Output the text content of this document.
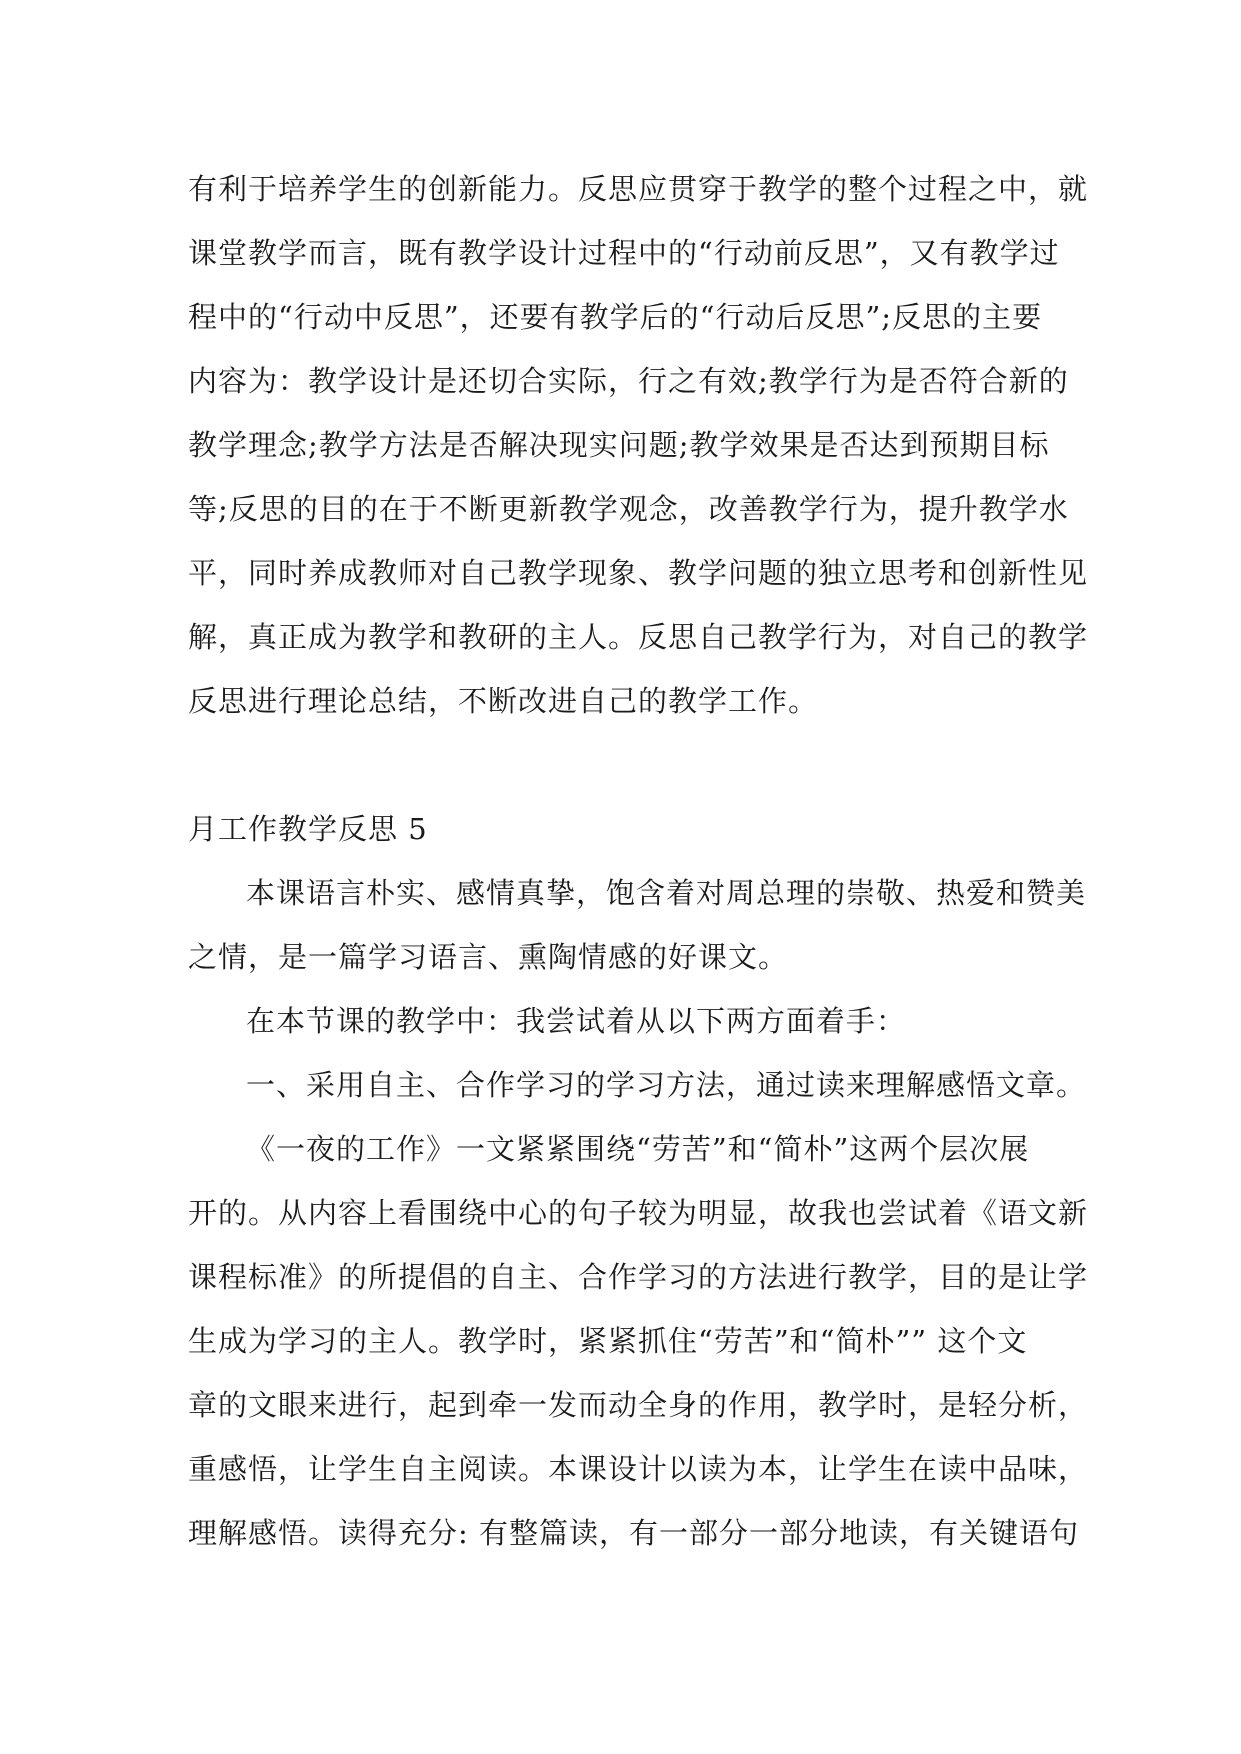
有利于培养学生的创新能力。反思应贯穿于教学的整个过程之中，就
课堂教学而言，既有教学设计过程中的“行动前反思”，又有教学过
程中的“行动中反思”，还要有教学后的“行动后反思”;反思的主要
内容为：教学设计是还切合实际，行之有效;教学行为是否符合新的
教学理念;教学方法是否解决现实问题;教学效果是否达到预期目标
等;反思的目的在于不断更新教学观念，改善教学行为，提升教学水
平，同时养成教师对自己教学现象、教学问题的独立思考和创新性见
解，真正成为教学和教研的主人。反思自己教学行为，对自己的教学
反思进行理论总结，不断改进自己的教学工作。
月工作教学反思 5
本课语言朴实、感情真挚，饱含着对周总理的崇敬、热爱和赞美
之情，是一篇学习语言、熏陶情感的好课文。
在本节课的教学中：我尝试着从以下两方面着手：
一、采用自主、合作学习的学习方法，通过读来理解感悟文章。
《一夜的工作》一文紧紧围绕“劳苦”和“简朴”这两个层次展
开的。从内容上看围绕中心的句子较为明显，故我也尝试着《语文新
课程标准》的所提倡的自主、合作学习的方法进行教学，目的是让学
生成为学习的主人。教学时，紧紧抓住“劳苦”和“简朴”” 这个文
章的文眼来进行，起到牵一发而动全身的作用，教学时，是轻分析，
重感悟，让学生自主阅读。本课设计以读为本，让学生在读中品味，
理解感悟。读得充分: 有整篇读，有一部分一部分地读，有关键语句
